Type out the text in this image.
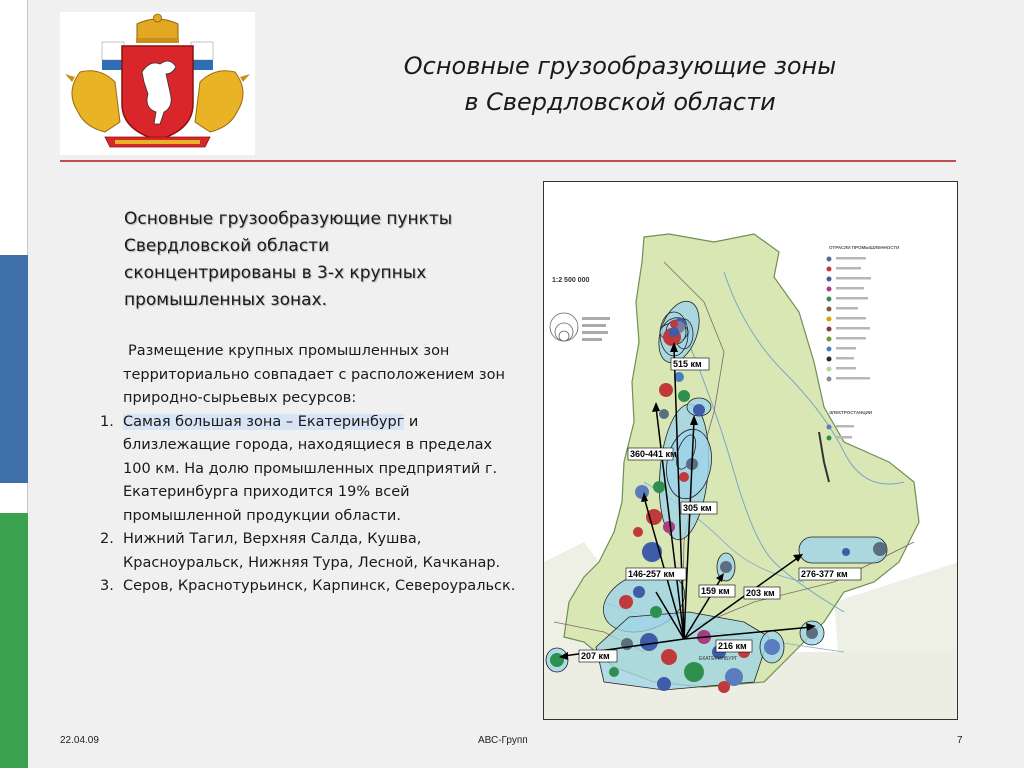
Основные грузообразующие зоны
в Свердловской области

Основные грузообразующие пункты Свердловской области сконцентрированы в 3-х крупных промышленных зонах.

Размещение крупных промышленных зон территориально совпадает с расположением зон природно-сырьевых ресурсов:

1. Самая большая зона – Екатеринбург и близлежащие города, находящиеся в пределах 100 км. На долю промышленных предприятий г. Екатеринбурга приходится 19% всей промышленной продукции области.
2. Нижний Тагил, Верхняя Салда, Кушва, Красноуральск, Нижняя Тура, Лесной, Качканар.
3. Серов, Краснотурьинск, Карпинск, Североуральск.
515 км
360-441 км
305 км
146-257 км
159 км 203 км
276-377 км
216 км
207 км	ЕКАТЕРИНБУРГ
1:2 500 000
ОТРАСЛИ ПРОМЫШЛЕННОСТИ
ЭЛЕКТРОСТАНЦИИ
22.04.09	АВС-Групп	7
